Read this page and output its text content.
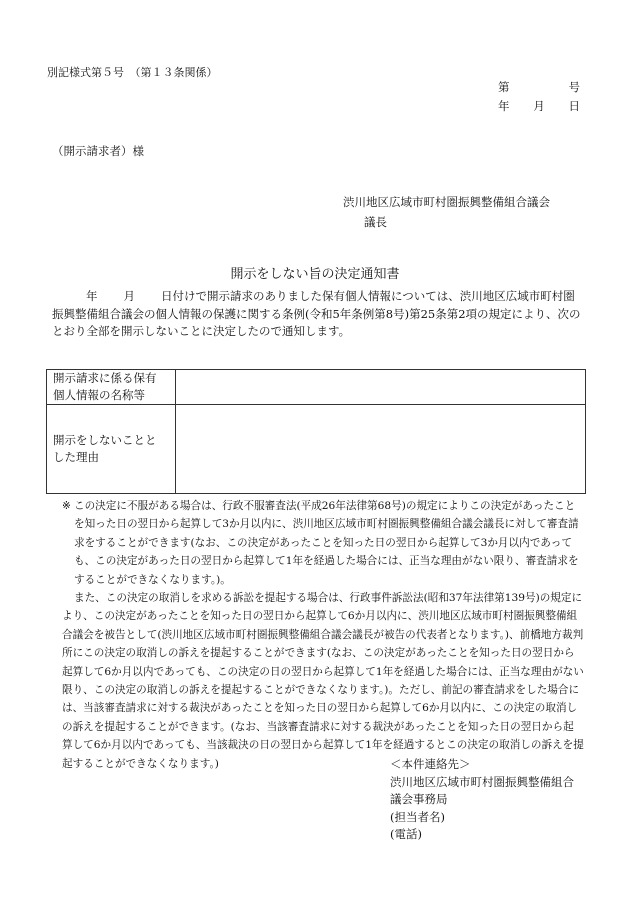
別記様式第５号　（第１３条関係）
第	号
年 月 日
（開示請求者）様
渋川地区広域市町村圏振興整備組合議会
議長
開示をしない旨の決定通知書
年 月 日付けで開示請求のありました保有個人情報については、渋川地区広域市町村圏振興整備組合議会の個人情報の保護に関する条例(令和5年条例第8号)第25条第2項の規定により、次のとおり全部を開示しないことに決定したので通知します。
開示請求に係る保有
個人情報の名称等	

開示をしないことと
した理由	

※ この決定に不服がある場合は、行政不服審査法(平成26年法律第68号)の規定によりこの決定があったことを知った日の翌日から起算して3か月以内に、渋川地区広域市町村圏振興整備組合議会議長に対して審査請求をすることができます(なお、この決定があったことを知った日の翌日から起算して3か月以内であっても、この決定があった日の翌日から起算して1年を経過した場合には、正当な理由がない限り、審査請求をすることができなくなります。)。

また、この決定の取消しを求める訴訟を提起する場合は、行政事件訴訟法(昭和37年法律第139号)の規定により、この決定があったことを知った日の翌日から起算して6か月以内に、渋川地区広域市町村圏振興整備組合議会を被告として(渋川地区広域市町村圏振興整備組合議会議長が被告の代表者となります。)、前橋地方裁判所にこの決定の取消しの訴えを提起することができます(なお、この決定があったことを知った日の翌日から起算して6か月以内であっても、この決定の日の翌日から起算して1年を経過した場合には、正当な理由がない限り、この決定の取消しの訴えを提起することができなくなります。)。ただし、前記の審査請求をした場合には、当該審査請求に対する裁決があったことを知った日の翌日から起算して6か月以内に、この決定の取消しの訴えを提起することができます。(なお、当該審査請求に対する裁決があったことを知った日の翌日から起算して6か月以内であっても、当該裁決の日の翌日から起算して1年を経過するとこの決定の取消しの訴えを提起することができなくなります。)	＜本件連絡先＞
渋川地区広域市町村圏振興整備組合
議会事務局
(担当者名)
(電話)
